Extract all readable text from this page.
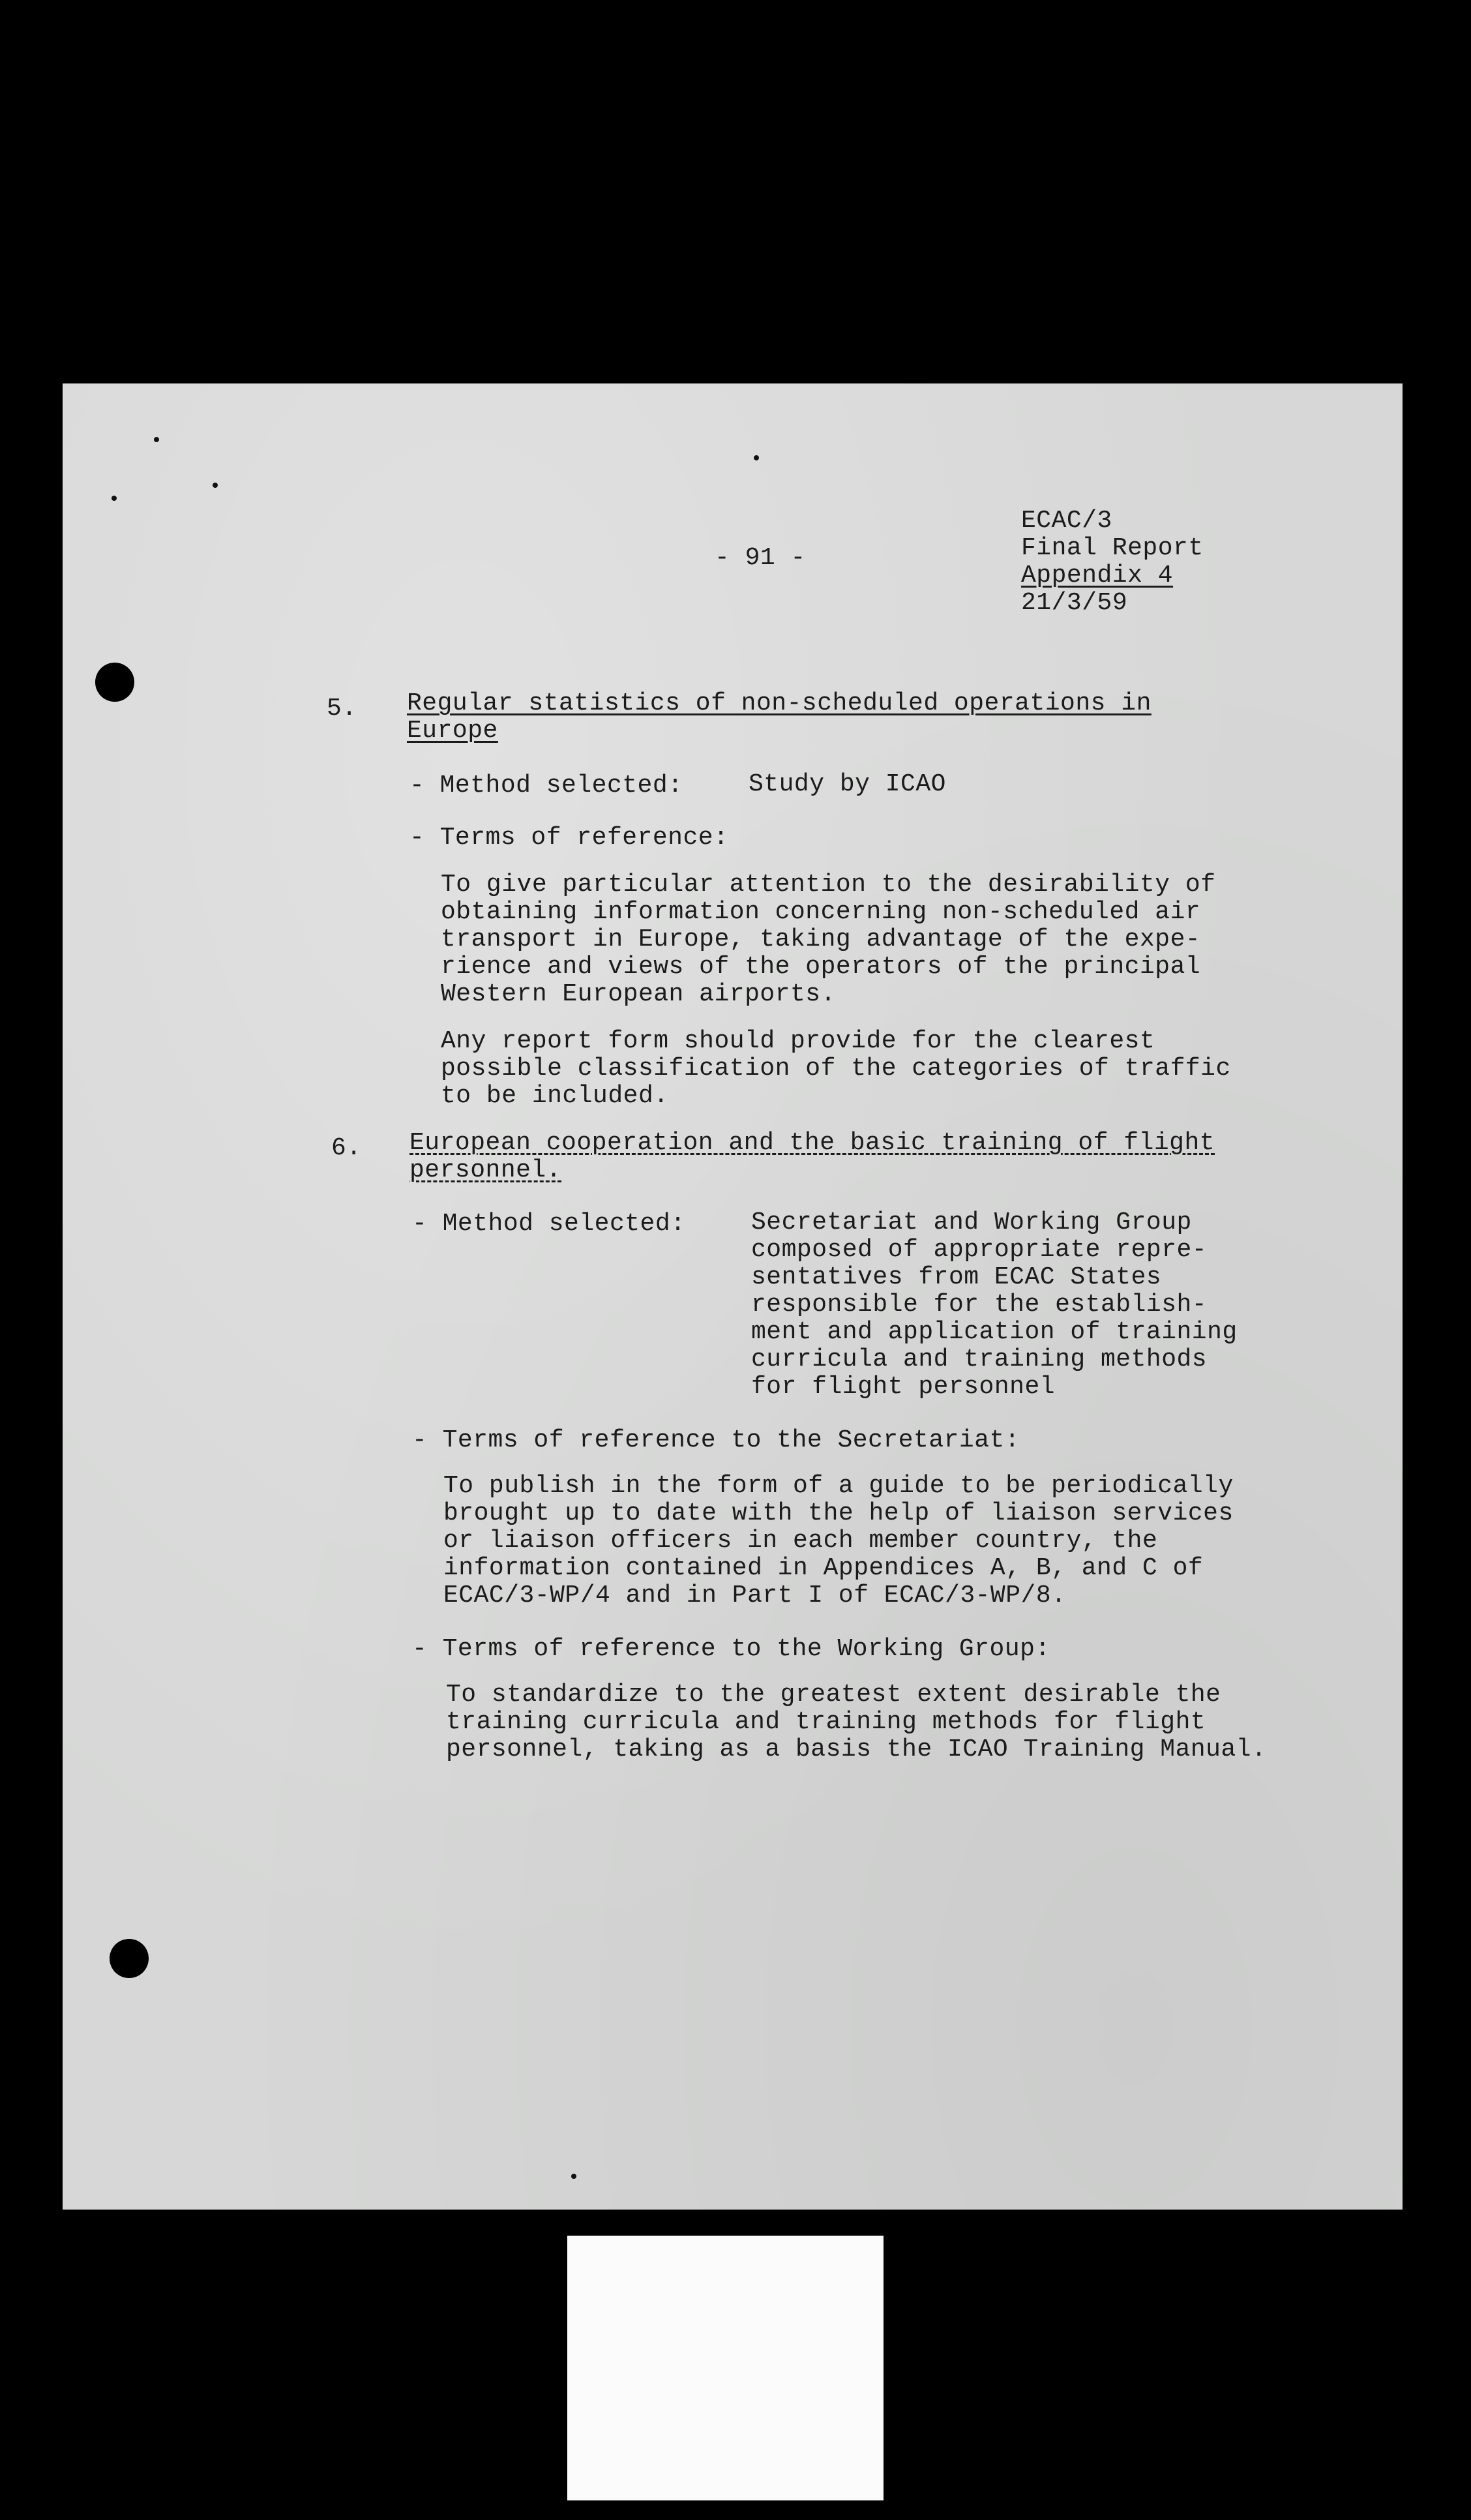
- 91 -
ECAC/3
Final Report
Appendix 4
21/3/59
5. Regular statistics of non-scheduled operations in
Europe
- Method selected:	Study by ICAO
- Terms of reference:
To give particular attention to the desirability of
obtaining information concerning non-scheduled air
transport in Europe, taking advantage of the expe-
rience and views of the operators of the principal
Western European airports.
Any report form should provide for the clearest
possible classification of the categories of traffic
to be included.
6. European cooperation and the basic training of flight
personnel.
- Method selected:	Secretariat and Working Group
composed of appropriate repre-
sentatives from ECAC States
responsible for the establish-
ment and application of training
curricula and training methods
for flight personnel
- Terms of reference to the Secretariat:
To publish in the form of a guide to be periodically
brought up to date with the help of liaison services
or liaison officers in each member country, the
information contained in Appendices A, B, and C of
ECAC/3-WP/4 and in Part I of ECAC/3-WP/8.
- Terms of reference to the Working Group:
To standardize to the greatest extent desirable the
training curricula and training methods for flight
personnel, taking as a basis the ICAO Training Manual.
